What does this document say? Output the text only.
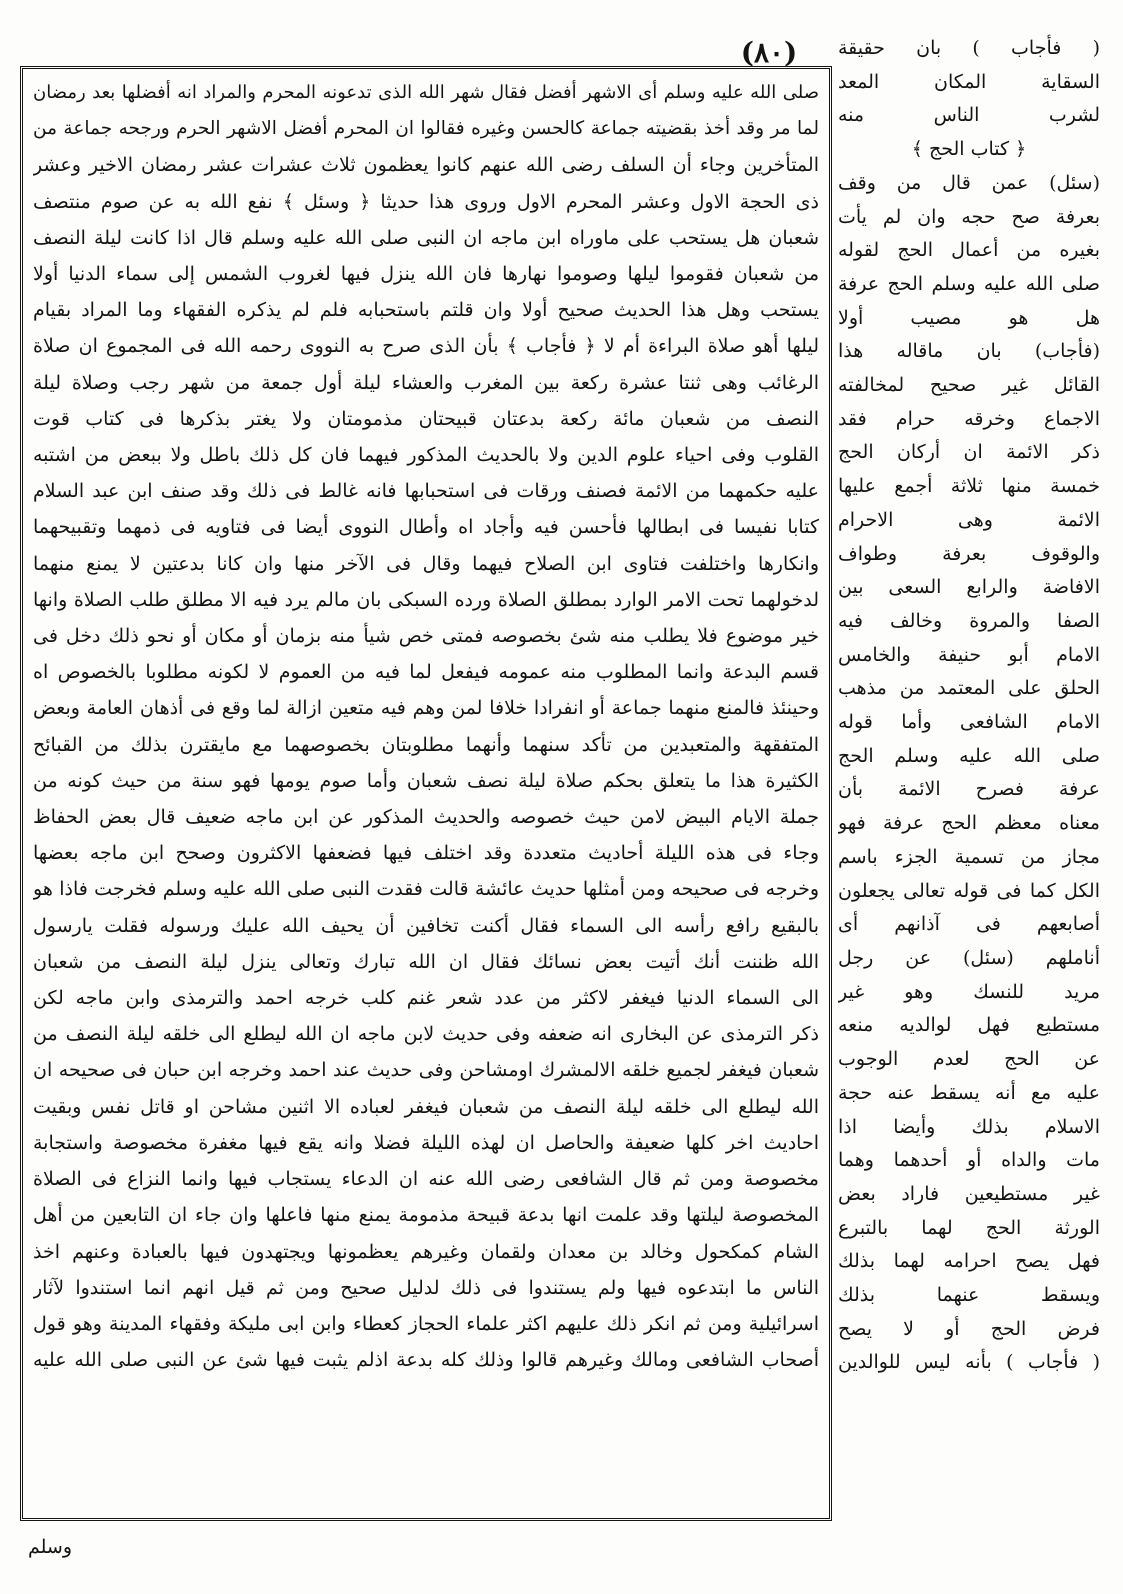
(٨٠)
صلى الله عليه وسلم أى الاشهر أفضل فقال شهر الله الذى تدعونه المحرم والمراد انه أفضلها بعد رمضان
لما مر وقد أخذ بقضيته جماعة كالحسن وغيره فقالوا ان المحرم أفضل الاشهر الحرم ورجحه جماعة من
المتأخرين وجاء أن السلف رضى الله عنهم كانوا يعظمون ثلاث عشرات عشر رمضان الاخير وعشر
ذى الحجة الاول وعشر المحرم الاول وروى هذا حديثا ﴿ وسئل ﴾ نفع الله به عن صوم منتصف
شعبان هل يستحب على ماوراه ابن ماجه ان النبى صلى الله عليه وسلم قال اذا كانت ليلة النصف
من شعبان فقوموا ليلها وصوموا نهارها فان الله ينزل فيها لغروب الشمس إلى سماء الدنيا أولا
يستحب وهل هذا الحديث صحيح أولا وان قلتم باستحبابه فلم لم يذكره الفقهاء وما المراد بقيام
ليلها أهو صلاة البراءة أم لا ﴿ فأجاب ﴾ بأن الذى صرح به النووى رحمه الله فى المجموع ان صلاة
الرغائب وهى ثنتا عشرة ركعة بين المغرب والعشاء ليلة أول جمعة من شهر رجب وصلاة ليلة
النصف من شعبان مائة ركعة بدعتان قبيحتان مذمومتان ولا يغتر بذكرها فى كتاب قوت
القلوب وفى احياء علوم الدين ولا بالحديث المذكور فيهما فان كل ذلك باطل ولا ببعض من اشتبه
عليه حكمهما من الائمة فصنف ورقات فى استحبابها فانه غالط فى ذلك وقد صنف ابن عبد السلام
كتابا نفيسا فى ابطالها فأحسن فيه وأجاد اه وأطال النووى أيضا فى فتاويه فى ذمهما وتقبيحهما
وانكارها واختلفت فتاوى ابن الصلاح فيهما وقال فى الآخر منها وان كانا بدعتين لا يمنع منهما
لدخولهما تحت الامر الوارد بمطلق الصلاة ورده السبكى بان مالم يرد فيه الا مطلق طلب الصلاة وانها
خير موضوع فلا يطلب منه شئ بخصوصه فمتى خص شيأ منه بزمان أو مكان أو نحو ذلك دخل فى
قسم البدعة وانما المطلوب منه عمومه فيفعل لما فيه من العموم لا لكونه مطلوبا بالخصوص اه
وحينئذ فالمنع منهما جماعة أو انفرادا خلافا لمن وهم فيه متعين ازالة لما وقع فى أذهان العامة وبعض
المتفقهة والمتعبدين من تأكد سنهما وأنهما مطلوبتان بخصوصهما مع مايقترن بذلك من القبائح
الكثيرة هذا ما يتعلق بحكم صلاة ليلة نصف شعبان وأما صوم يومها فهو سنة من حيث كونه من
جملة الايام البيض لامن حيث خصوصه والحديث المذكور عن ابن ماجه ضعيف قال بعض الحفاظ
وجاء فى هذه الليلة أحاديث متعددة وقد اختلف فيها فضعفها الاكثرون وصحح ابن ماجه بعضها
وخرجه فى صحيحه ومن أمثلها حديث عائشة قالت فقدت النبى صلى الله عليه وسلم فخرجت فاذا هو
بالبقيع رافع رأسه الى السماء فقال أكنت تخافين أن يحيف الله عليك ورسوله فقلت يارسول
الله ظننت أنك أتيت بعض نسائك فقال ان الله تبارك وتعالى ينزل ليلة النصف من شعبان
الى السماء الدنيا فيغفر لاكثر من عدد شعر غنم كلب خرجه احمد والترمذى وابن ماجه لكن
ذكر الترمذى عن البخارى انه ضعفه وفى حديث لابن ماجه ان الله ليطلع الى خلقه ليلة النصف من
شعبان فيغفر لجميع خلقه الالمشرك اومشاحن وفى حديث عند احمد وخرجه ابن حبان فى صحيحه ان
الله ليطلع الى خلقه ليلة النصف من شعبان فيغفر لعباده الا اثنين مشاحن او قاتل نفس وبقيت
احاديث اخر كلها ضعيفة والحاصل ان لهذه الليلة فضلا وانه يقع فيها مغفرة مخصوصة واستجابة
مخصوصة ومن ثم قال الشافعى رضى الله عنه ان الدعاء يستجاب فيها وانما النزاع فى الصلاة
المخصوصة ليلتها وقد علمت انها بدعة قبيحة مذمومة يمنع منها فاعلها وان جاء ان التابعين من أهل
الشام كمكحول وخالد بن معدان ولقمان وغيرهم يعظمونها ويجتهدون فيها بالعبادة وعنهم اخذ
الناس ما ابتدعوه فيها ولم يستندوا فى ذلك لدليل صحيح ومن ثم قيل انهم انما استندوا لآثار
اسرائيلية ومن ثم انكر ذلك عليهم اكثر علماء الحجاز كعطاء وابن ابى مليكة وفقهاء المدينة وهو قول
أصحاب الشافعى ومالك وغيرهم قالوا وذلك كله بدعة اذلم يثبت فيها شئ عن النبى صلى الله عليه
( فأجاب ) بان حقيقة
السقاية المكان المعد
لشرب الناس منه
﴿ كتاب الحج ﴾
(سئل) عمن قال من وقف
بعرفة صح حجه وان لم يأت
بغيره من أعمال الحج لقوله
صلى الله عليه وسلم الحج عرفة
هل هو مصيب أولا
(فأجاب) بان ماقاله هذا
القائل غير صحيح لمخالفته
الاجماع وخرقه حرام فقد
ذكر الائمة ان أركان الحج
خمسة منها ثلاثة أجمع عليها
الائمة وهى الاحرام
والوقوف بعرفة وطواف
الافاضة والرابع السعى بين
الصفا والمروة وخالف فيه
الامام أبو حنيفة والخامس
الحلق على المعتمد من مذهب
الامام الشافعى وأما قوله
صلى الله عليه وسلم الحج
عرفة فصرح الائمة بأن
معناه معظم الحج عرفة فهو
مجاز من تسمية الجزء باسم
الكل كما فى قوله تعالى يجعلون
أصابعهم فى آذانهم أى
أناملهم (سئل) عن رجل
مريد للنسك وهو غير
مستطيع فهل لوالديه منعه
عن الحج لعدم الوجوب
عليه مع أنه يسقط عنه حجة
الاسلام بذلك وأيضا اذا
مات والداه أو أحدهما وهما
غير مستطيعين فاراد بعض
الورثة الحج لهما بالتبرع
فهل يصح احرامه لهما بذلك
ويسقط عنهما بذلك
فرض الحج أو لا يصح
( فأجاب ) بأنه ليس للوالدين
وسلم
